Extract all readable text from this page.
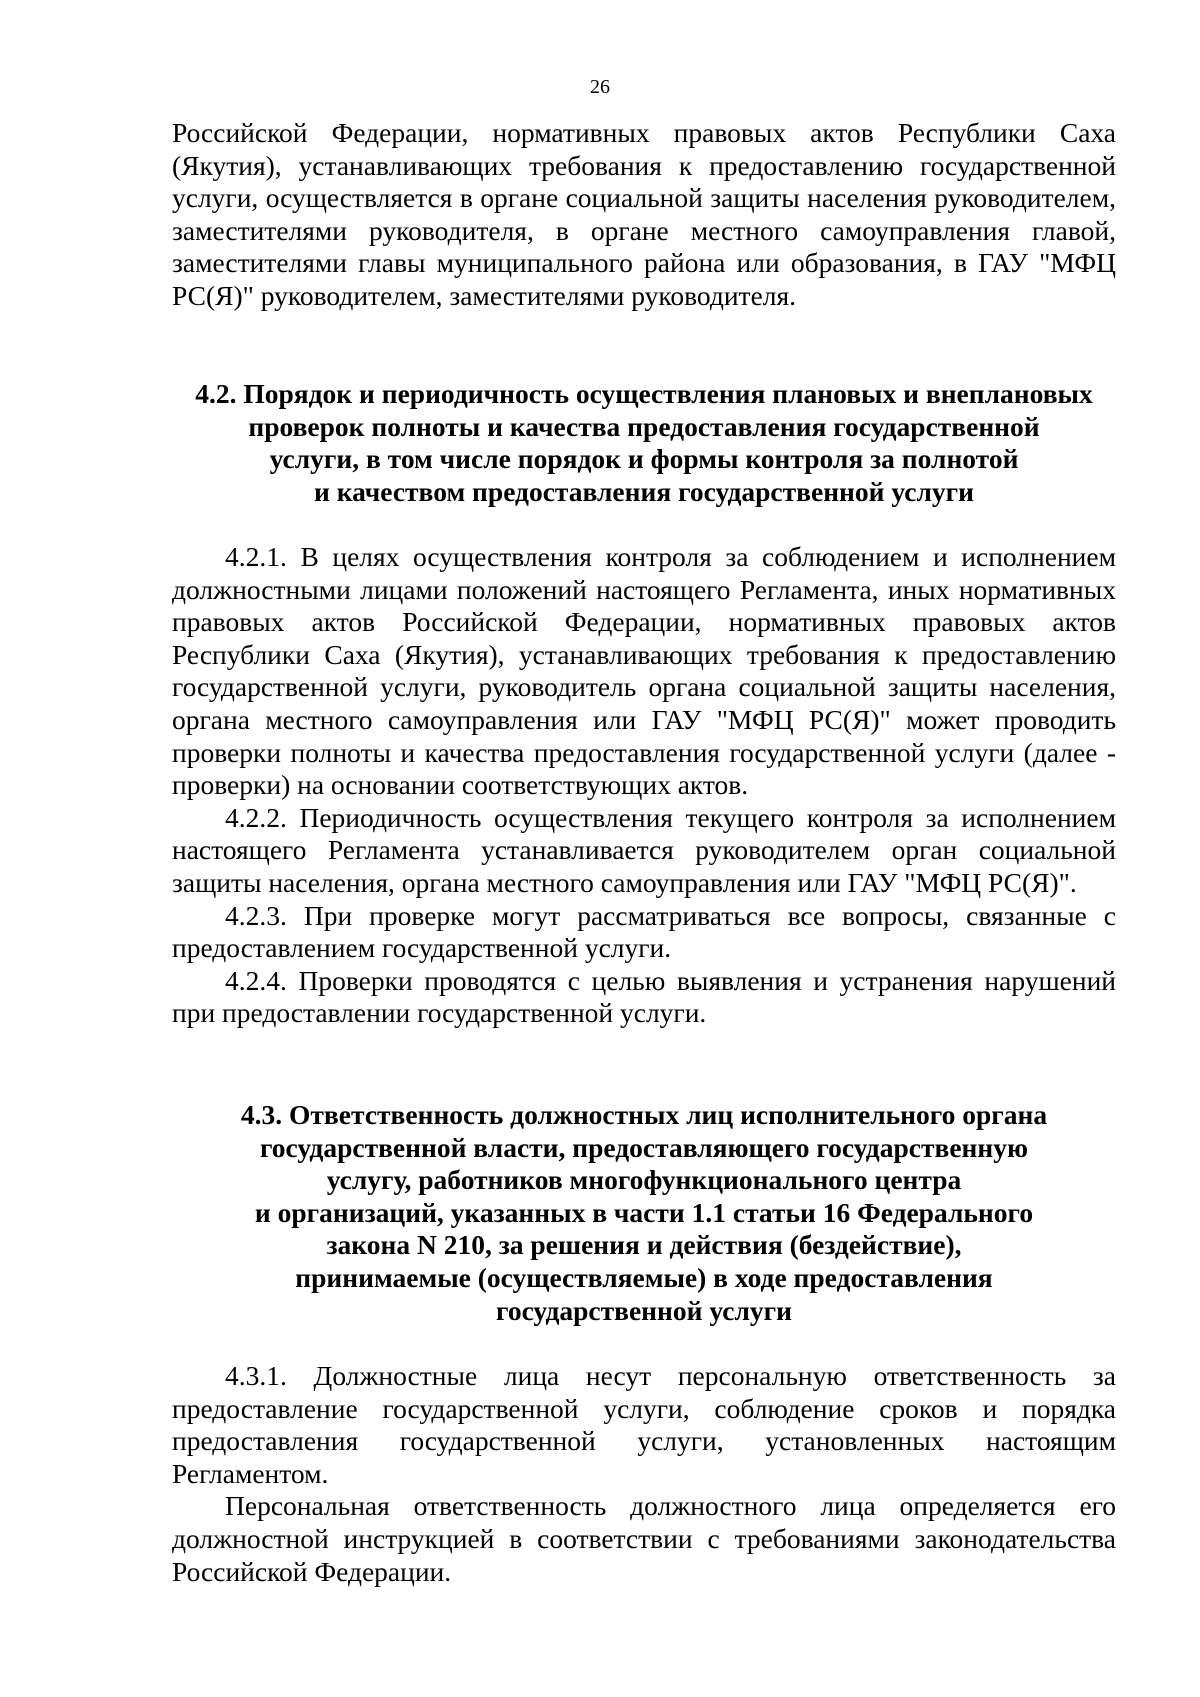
26

Российской Федерации, нормативных правовых актов Республики Саха (Якутия), устанавливающих требования к предоставлению государственной услуги, осуществляется в органе социальной защиты населения руководителем, заместителями руководителя, в органе местного самоуправления главой, заместителями главы муниципального района или образования, в ГАУ "МФЦ РС(Я)" руководителем, заместителями руководителя.

4.2. Порядок и периодичность осуществления плановых и внеплановых
проверок полноты и качества предоставления государственной
услуги, в том числе порядок и формы контроля за полнотой
и качеством предоставления государственной услуги

4.2.1. В целях осуществления контроля за соблюдением и исполнением должностными лицами положений настоящего Регламента, иных нормативных правовых актов Российской Федерации, нормативных правовых актов Республики Саха (Якутия), устанавливающих требования к предоставлению государственной услуги, руководитель органа социальной защиты населения, органа местного самоуправления или ГАУ "МФЦ РС(Я)" может проводить проверки полноты и качества предоставления государственной услуги (далее - проверки) на основании соответствующих актов.

4.2.2. Периодичность осуществления текущего контроля за исполнением настоящего Регламента устанавливается руководителем орган социальной защиты населения, органа местного самоуправления или ГАУ "МФЦ РС(Я)".

4.2.3. При проверке могут рассматриваться все вопросы, связанные с предоставлением государственной услуги.

4.2.4. Проверки проводятся с целью выявления и устранения нарушений при предоставлении государственной услуги.

4.3. Ответственность должностных лиц исполнительного органа
государственной власти, предоставляющего государственную
услугу, работников многофункционального центра
и организаций, указанных в части 1.1 статьи 16 Федерального
закона N 210, за решения и действия (бездействие),
принимаемые (осуществляемые) в ходе предоставления
государственной услуги

4.3.1. Должностные лица несут персональную ответственность за предоставление государственной услуги, соблюдение сроков и порядка предоставления государственной услуги, установленных настоящим Регламентом.

Персональная ответственность должностного лица определяется его должностной инструкцией в соответствии с требованиями законодательства Российской Федерации.
